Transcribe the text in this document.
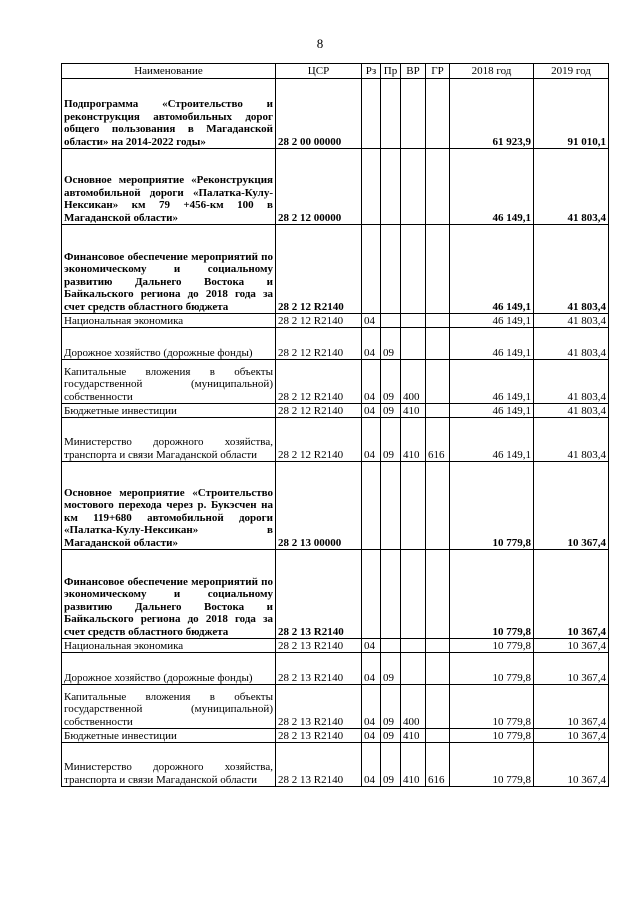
8
Наименование	ЦСР	Рз	Пр	ВР	ГР	2018 год	2019 год
Подпрограмма «Строительство и реконструкция автомобильных дорог общего пользования в Магаданской области» на 2014-2022 годы»	28 2 00 00000					61 923,9	91 010,1
Основное мероприятие «Реконструкция автомобильной дороги «Палатка-Кулу-Нексикан» км 79 +456-км 100 в Магаданской области»	28 2 12 00000					46 149,1	41 803,4
Финансовое обеспечение мероприятий по экономическому и социальному развитию Дальнего Востока и Байкальского региона до 2018 года за счет средств областного бюджета	28 2 12 R2140					46 149,1	41 803,4
Национальная экономика	28 2 12 R2140	04				46 149,1	41 803,4
Дорожное хозяйство (дорожные фонды)	28 2 12 R2140	04	09			46 149,1	41 803,4
Капитальные вложения в объекты государственной (муниципальной) собственности	28 2 12 R2140	04	09	400		46 149,1	41 803,4
Бюджетные инвестиции	28 2 12 R2140	04	09	410		46 149,1	41 803,4
Министерство дорожного хозяйства, транспорта и связи Магаданской области	28 2 12 R2140	04	09	410	616	46 149,1	41 803,4
Основное мероприятие «Строительство мостового перехода через р. Букэсчен на км 119+680 автомобильной дороги «Палатка-Кулу-Нексикан» в Магаданской области»	28 2 13 00000					10 779,8	10 367,4
Финансовое обеспечение мероприятий по экономическому и социальному развитию Дальнего Востока и Байкальского региона до 2018 года за счет средств областного бюджета	28 2 13 R2140					10 779,8	10 367,4
Национальная экономика	28 2 13 R2140	04				10 779,8	10 367,4
Дорожное хозяйство (дорожные фонды)	28 2 13 R2140	04	09			10 779,8	10 367,4
Капитальные вложения в объекты государственной (муниципальной) собственности	28 2 13 R2140	04	09	400		10 779,8	10 367,4
Бюджетные инвестиции	28 2 13 R2140	04	09	410		10 779,8	10 367,4
Министерство дорожного хозяйства, транспорта и связи Магаданской области	28 2 13 R2140	04	09	410	616	10 779,8	10 367,4
